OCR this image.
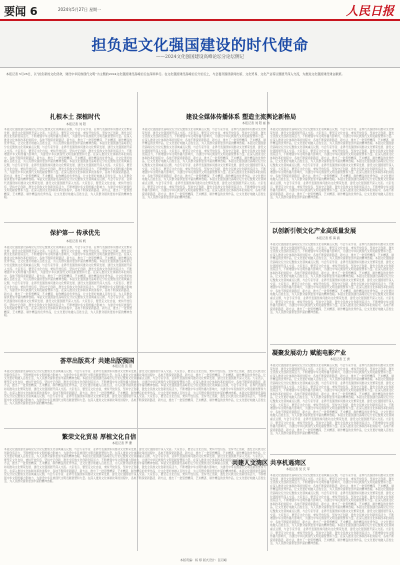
要闻 6	2024年5月27日 星期一	人民日报
担负起文化强国建设的时代使命
——2024文化强国建设高峰论坛分论坛侧记
本报记者 5月26日，以“担负新的文化使命，建设中华民族现代文明”为主题的2024文化强国建设高峰论坛在深圳举行。在文化强国建设高峰论坛分论坛上，与会嘉宾围绕新闻出版、文化贸易、文化产业等议题展开深入交流，为推进文化强国建设建言献策。
扎根本土 深植时代
本报记者 刘 阳
本届文化强国建设高峰论坛分论坛聚焦文化领域重点议题，与会专家学者、业界代表围绕如何推动文化繁荣发展、建设文化强国展开深入交流。大家表示，要坚定文化自信，秉持开放包容，坚持守正创新，激发全民族文化创新创造活力，不断增强中华文明传播力影响力，为建设中华民族现代文明贡献智慧和力量。在深入推进文化体制改革的进程中，各地不断探索新路径、新方法，推出了一批思想精深、艺术精湛、制作精良的优秀作品，让文化更好地融入百姓生活，为人民群众提供更加丰富的精神食粮。本届文化强国建设高峰论坛分论坛聚焦文化领域重点议题，与会专家学者、业界代表围绕如何推动文化繁荣发展、建设文化强国展开深入交流。大家表示，要坚定文化自信，秉持开放包容，坚持守正创新，激发全民族文化创新创造活力，不断增强中华文明传播力影响力，为建设中华民族现代文明贡献智慧和力量。在深入推进文化体制改革的进程中，各地不断探索新路径、新方法，推出了一批思想精深、艺术精湛、制作精良的优秀作品，让文化更好地融入百姓生活，为人民群众提供更加丰富的精神食粮。本届文化强国建设高峰论坛分论坛聚焦文化领域重点议题，与会专家学者、业界代表围绕如何推动文化繁荣发展、建设文化强国展开深入交流。大家表示，要坚定文化自信，秉持开放包容，坚持守正创新，激发全民族文化创新创造活力，不断增强中华文明传播力影响力，为建设中华民族现代文明贡献智慧和力量。在深入推进文化体制改革的进程中，各地不断探索新路径、新方法，推出了一批思想精深、艺术精湛、制作精良的优秀作品，让文化更好地融入百姓生活，为人民群众提供更加丰富的精神食粮。本届文化强国建设高峰论坛分论坛聚焦文化领域重点议题，与会专家学者、业界代表围绕如何推动文化繁荣发展、建设文化强国展开深入交流。大家表示，要坚定文化自信，秉持开放包容，坚持守正创新，激发全民族文化创新创造活力，不断增强中华文明传播力影响力，为建设中华民族现代文明贡献智慧和力量。在深入推进文化体制改革的进程中，各地不断探索新路径、新方法，推出了一批思想精深、艺术精湛、制作精良的优秀作品，让文化更好地融入百姓生活，为人民群众提供更加丰富的精神食粮。
保护第一 传承优先
本报记者 杨 帆
本届文化强国建设高峰论坛分论坛聚焦文化领域重点议题，与会专家学者、业界代表围绕如何推动文化繁荣发展、建设文化强国展开深入交流。大家表示，要坚定文化自信，秉持开放包容，坚持守正创新，激发全民族文化创新创造活力，不断增强中华文明传播力影响力，为建设中华民族现代文明贡献智慧和力量。在深入推进文化体制改革的进程中，各地不断探索新路径、新方法，推出了一批思想精深、艺术精湛、制作精良的优秀作品，让文化更好地融入百姓生活，为人民群众提供更加丰富的精神食粮。本届文化强国建设高峰论坛分论坛聚焦文化领域重点议题，与会专家学者、业界代表围绕如何推动文化繁荣发展、建设文化强国展开深入交流。大家表示，要坚定文化自信，秉持开放包容，坚持守正创新，激发全民族文化创新创造活力，不断增强中华文明传播力影响力，为建设中华民族现代文明贡献智慧和力量。在深入推进文化体制改革的进程中，各地不断探索新路径、新方法，推出了一批思想精深、艺术精湛、制作精良的优秀作品，让文化更好地融入百姓生活，为人民群众提供更加丰富的精神食粮。本届文化强国建设高峰论坛分论坛聚焦文化领域重点议题，与会专家学者、业界代表围绕如何推动文化繁荣发展、建设文化强国展开深入交流。大家表示，要坚定文化自信，秉持开放包容，坚持守正创新，激发全民族文化创新创造活力，不断增强中华文明传播力影响力，为建设中华民族现代文明贡献智慧和力量。在深入推进文化体制改革的进程中，各地不断探索新路径、新方法，推出了一批思想精深、艺术精湛、制作精良的优秀作品，让文化更好地融入百姓生活，为人民群众提供更加丰富的精神食粮。本届文化强国建设高峰论坛分论坛聚焦文化领域重点议题，与会专家学者、业界代表围绕如何推动文化繁荣发展、建设文化强国展开深入交流。大家表示，要坚定文化自信，秉持开放包容，坚持守正创新，激发全民族文化创新创造活力，不断增强中华文明传播力影响力，为建设中华民族现代文明贡献智慧和力量。在深入推进文化体制改革的进程中，各地不断探索新路径、新方法，推出了一批思想精深、艺术精湛、制作精良的优秀作品，让文化更好地融入百姓生活，为人民群众提供更加丰富的精神食粮。
荟萃出版英才 共建出版强国
本报记者 张 贺
本届文化强国建设高峰论坛分论坛聚焦文化领域重点议题，与会专家学者、业界代表围绕如何推动文化繁荣发展、建设文化强国展开深入交流。大家表示，要坚定文化自信，秉持开放包容，坚持守正创新，激发全民族文化创新创造活力，不断增强中华文明传播力影响力，为建设中华民族现代文明贡献智慧和力量。在深入推进文化体制改革的进程中，各地不断探索新路径、新方法，推出了一批思想精深、艺术精湛、制作精良的优秀作品，让文化更好地融入百姓生活，为人民群众提供更加丰富的精神食粮。本届文化强国建设高峰论坛分论坛聚焦文化领域重点议题，与会专家学者、业界代表围绕如何推动文化繁荣发展、建设文化强国展开深入交流。大家表示，要坚定文化自信，秉持开放包容，坚持守正创新，激发全民族文化创新创造活力，不断增强中华文明传播力影响力，为建设中华民族现代文明贡献智慧和力量。在深入推进文化体制改革的进程中，各地不断探索新路径、新方法，推出了一批思想精深、艺术精湛、制作精良的优秀作品，让文化更好地融入百姓生活，为人民群众提供更加丰富的精神食粮。本届文化强国建设高峰论坛分论坛聚焦文化领域重点议题，与会专家学者、业界代表围绕如何推动文化繁荣发展、建设文化强国展开深入交流。大家表示，要坚定文化自信，秉持开放包容，坚持守正创新，激发全民族文化创新创造活力，不断增强中华文明传播力影响力，为建设中华民族现代文明贡献智慧和力量。在深入推进文化体制改革的进程中，各地不断探索新路径、新方法，推出了一批思想精深、艺术精湛、制作精良的优秀作品，让文化更好地融入百姓生活，为人民群众提供更加丰富的精神食粮。本届文化强国建设高峰论坛分论坛聚焦文化领域重点议题，与会专家学者、业界代表围绕如何推动文化繁荣发展、建设文化强国展开深入交流。大家表示，要坚定文化自信，秉持开放包容，坚持守正创新，激发全民族文化创新创造活力，不断增强中华文明传播力影响力，为建设中华民族现代文明贡献智慧和力量。在深入推进文化体制改革的进程中，各地不断探索新路径、新方法，推出了一批思想精深、艺术精湛、制作精良的优秀作品，让文化更好地融入百姓生活，为人民群众提供更加丰富的精神食粮。
繁荣文化贸易 厚植文化自信
本报记者 罗 珊
本届文化强国建设高峰论坛分论坛聚焦文化领域重点议题，与会专家学者、业界代表围绕如何推动文化繁荣发展、建设文化强国展开深入交流。大家表示，要坚定文化自信，秉持开放包容，坚持守正创新，激发全民族文化创新创造活力，不断增强中华文明传播力影响力，为建设中华民族现代文明贡献智慧和力量。在深入推进文化体制改革的进程中，各地不断探索新路径、新方法，推出了一批思想精深、艺术精湛、制作精良的优秀作品，让文化更好地融入百姓生活，为人民群众提供更加丰富的精神食粮。本届文化强国建设高峰论坛分论坛聚焦文化领域重点议题，与会专家学者、业界代表围绕如何推动文化繁荣发展、建设文化强国展开深入交流。大家表示，要坚定文化自信，秉持开放包容，坚持守正创新，激发全民族文化创新创造活力，不断增强中华文明传播力影响力，为建设中华民族现代文明贡献智慧和力量。在深入推进文化体制改革的进程中，各地不断探索新路径、新方法，推出了一批思想精深、艺术精湛、制作精良的优秀作品，让文化更好地融入百姓生活，为人民群众提供更加丰富的精神食粮。本届文化强国建设高峰论坛分论坛聚焦文化领域重点议题，与会专家学者、业界代表围绕如何推动文化繁荣发展、建设文化强国展开深入交流。大家表示，要坚定文化自信，秉持开放包容，坚持守正创新，激发全民族文化创新创造活力，不断增强中华文明传播力影响力，为建设中华民族现代文明贡献智慧和力量。在深入推进文化体制改革的进程中，各地不断探索新路径、新方法，推出了一批思想精深、艺术精湛、制作精良的优秀作品，让文化更好地融入百姓生活，为人民群众提供更加丰富的精神食粮。本届文化强国建设高峰论坛分论坛聚焦文化领域重点议题，与会专家学者、业界代表围绕如何推动文化繁荣发展、建设文化强国展开深入交流。大家表示，要坚定文化自信，秉持开放包容，坚持守正创新，激发全民族文化创新创造活力，不断增强中华文明传播力影响力，为建设中华民族现代文明贡献智慧和力量。在深入推进文化体制改革的进程中，各地不断探索新路径、新方法，推出了一批思想精深、艺术精湛、制作精良的优秀作品，让文化更好地融入百姓生活，为人民群众提供更加丰富的精神食粮。
本届文化强国建设高峰论坛分论坛聚焦文化领域重点议题，与会专家学者、业界代表围绕如何推动文化繁荣发展、建设文化强国展开深入交流。大家表示，要坚定文化自信，秉持开放包容，坚持守正创新，激发全民族文化创新创造活力，不断增强中华文明传播力影响力，为建设中华民族现代文明贡献智慧和力量。在深入推进文化体制改革的进程中，各地不断探索新路径、新方法，推出了一批思想精深、艺术精湛、制作精良的优秀作品，让文化更好地融入百姓生活，为人民群众提供更加丰富的精神食粮。本届文化强国建设高峰论坛分论坛聚焦文化领域重点议题，与会专家学者、业界代表围绕如何推动文化繁荣发展、建设文化强国展开深入交流。大家表示，要坚定文化自信，秉持开放包容，坚持守正创新，激发全民族文化创新创造活力，不断增强中华文明传播力影响力，为建设中华民族现代文明贡献智慧和力量。在深入推进文化体制改革的进程中，各地不断探索新路径、新方法，推出了一批思想精深、艺术精湛、制作精良的优秀作品，让文化更好地融入百姓生活，为人民群众提供更加丰富的精神食粮。本届文化强国建设高峰论坛分论坛聚焦文化领域重点议题，与会专家学者、业界代表围绕如何推动文化繁荣发展、建设文化强国展开深入交流。大家表示，要坚定文化自信，秉持开放包容，坚持守正创新，激发全民族文化创新创造活力，不断增强中华文明传播力影响力，为建设中华民族现代文明贡献智慧和力量。在深入推进文化体制改革的进程中，各地不断探索新路径、新方法，推出了一批思想精深、艺术精湛、制作精良的优秀作品，让文化更好地融入百姓生活，为人民群众提供更加丰富的精神食粮。本届文化强国建设高峰论坛分论坛聚焦文化领域重点议题，与会专家学者、业界代表围绕如何推动文化繁荣发展、建设文化强国展开深入交流。大家表示，要坚定文化自信，秉持开放包容，坚持守正创新，激发全民族文化创新创造活力，不断增强中华文明传播力影响力，为建设中华民族现代文明贡献智慧和力量。在深入推进文化体制改革的进程中，各地不断探索新路径、新方法，推出了一批思想精深、艺术精湛、制作精良的优秀作品，让文化更好地融入百姓生活，为人民群众提供更加丰富的精神食粮。
建设全媒体传播体系 塑造主流舆论新格局
本报记者 刘 阳 崔 伟
本届文化强国建设高峰论坛分论坛聚焦文化领域重点议题，与会专家学者、业界代表围绕如何推动文化繁荣发展、建设文化强国展开深入交流。大家表示，要坚定文化自信，秉持开放包容，坚持守正创新，激发全民族文化创新创造活力，不断增强中华文明传播力影响力，为建设中华民族现代文明贡献智慧和力量。在深入推进文化体制改革的进程中，各地不断探索新路径、新方法，推出了一批思想精深、艺术精湛、制作精良的优秀作品，让文化更好地融入百姓生活，为人民群众提供更加丰富的精神食粮。本届文化强国建设高峰论坛分论坛聚焦文化领域重点议题，与会专家学者、业界代表围绕如何推动文化繁荣发展、建设文化强国展开深入交流。大家表示，要坚定文化自信，秉持开放包容，坚持守正创新，激发全民族文化创新创造活力，不断增强中华文明传播力影响力，为建设中华民族现代文明贡献智慧和力量。在深入推进文化体制改革的进程中，各地不断探索新路径、新方法，推出了一批思想精深、艺术精湛、制作精良的优秀作品，让文化更好地融入百姓生活，为人民群众提供更加丰富的精神食粮。本届文化强国建设高峰论坛分论坛聚焦文化领域重点议题，与会专家学者、业界代表围绕如何推动文化繁荣发展、建设文化强国展开深入交流。大家表示，要坚定文化自信，秉持开放包容，坚持守正创新，激发全民族文化创新创造活力，不断增强中华文明传播力影响力，为建设中华民族现代文明贡献智慧和力量。在深入推进文化体制改革的进程中，各地不断探索新路径、新方法，推出了一批思想精深、艺术精湛、制作精良的优秀作品，让文化更好地融入百姓生活，为人民群众提供更加丰富的精神食粮。本届文化强国建设高峰论坛分论坛聚焦文化领域重点议题，与会专家学者、业界代表围绕如何推动文化繁荣发展、建设文化强国展开深入交流。大家表示，要坚定文化自信，秉持开放包容，坚持守正创新，激发全民族文化创新创造活力，不断增强中华文明传播力影响力，为建设中华民族现代文明贡献智慧和力量。在深入推进文化体制改革的进程中，各地不断探索新路径、新方法，推出了一批思想精深、艺术精湛、制作精良的优秀作品，让文化更好地融入百姓生活，为人民群众提供更加丰富的精神食粮。
以创新引领文化产业高质量发展
本报记者 郑 海 鸥
本届文化强国建设高峰论坛分论坛聚焦文化领域重点议题，与会专家学者、业界代表围绕如何推动文化繁荣发展、建设文化强国展开深入交流。大家表示，要坚定文化自信，秉持开放包容，坚持守正创新，激发全民族文化创新创造活力，不断增强中华文明传播力影响力，为建设中华民族现代文明贡献智慧和力量。在深入推进文化体制改革的进程中，各地不断探索新路径、新方法，推出了一批思想精深、艺术精湛、制作精良的优秀作品，让文化更好地融入百姓生活，为人民群众提供更加丰富的精神食粮。本届文化强国建设高峰论坛分论坛聚焦文化领域重点议题，与会专家学者、业界代表围绕如何推动文化繁荣发展、建设文化强国展开深入交流。大家表示，要坚定文化自信，秉持开放包容，坚持守正创新，激发全民族文化创新创造活力，不断增强中华文明传播力影响力，为建设中华民族现代文明贡献智慧和力量。在深入推进文化体制改革的进程中，各地不断探索新路径、新方法，推出了一批思想精深、艺术精湛、制作精良的优秀作品，让文化更好地融入百姓生活，为人民群众提供更加丰富的精神食粮。本届文化强国建设高峰论坛分论坛聚焦文化领域重点议题，与会专家学者、业界代表围绕如何推动文化繁荣发展、建设文化强国展开深入交流。大家表示，要坚定文化自信，秉持开放包容，坚持守正创新，激发全民族文化创新创造活力，不断增强中华文明传播力影响力，为建设中华民族现代文明贡献智慧和力量。在深入推进文化体制改革的进程中，各地不断探索新路径、新方法，推出了一批思想精深、艺术精湛、制作精良的优秀作品，让文化更好地融入百姓生活，为人民群众提供更加丰富的精神食粮。本届文化强国建设高峰论坛分论坛聚焦文化领域重点议题，与会专家学者、业界代表围绕如何推动文化繁荣发展、建设文化强国展开深入交流。大家表示，要坚定文化自信，秉持开放包容，坚持守正创新，激发全民族文化创新创造活力，不断增强中华文明传播力影响力，为建设中华民族现代文明贡献智慧和力量。在深入推进文化体制改革的进程中，各地不断探索新路径、新方法，推出了一批思想精深、艺术精湛、制作精良的优秀作品，让文化更好地融入百姓生活，为人民群众提供更加丰富的精神食粮。
凝聚发展动力 赋能电影产业
本报记者 王 洲
本届文化强国建设高峰论坛分论坛聚焦文化领域重点议题，与会专家学者、业界代表围绕如何推动文化繁荣发展、建设文化强国展开深入交流。大家表示，要坚定文化自信，秉持开放包容，坚持守正创新，激发全民族文化创新创造活力，不断增强中华文明传播力影响力，为建设中华民族现代文明贡献智慧和力量。在深入推进文化体制改革的进程中，各地不断探索新路径、新方法，推出了一批思想精深、艺术精湛、制作精良的优秀作品，让文化更好地融入百姓生活，为人民群众提供更加丰富的精神食粮。本届文化强国建设高峰论坛分论坛聚焦文化领域重点议题，与会专家学者、业界代表围绕如何推动文化繁荣发展、建设文化强国展开深入交流。大家表示，要坚定文化自信，秉持开放包容，坚持守正创新，激发全民族文化创新创造活力，不断增强中华文明传播力影响力，为建设中华民族现代文明贡献智慧和力量。在深入推进文化体制改革的进程中，各地不断探索新路径、新方法，推出了一批思想精深、艺术精湛、制作精良的优秀作品，让文化更好地融入百姓生活，为人民群众提供更加丰富的精神食粮。本届文化强国建设高峰论坛分论坛聚焦文化领域重点议题，与会专家学者、业界代表围绕如何推动文化繁荣发展、建设文化强国展开深入交流。大家表示，要坚定文化自信，秉持开放包容，坚持守正创新，激发全民族文化创新创造活力，不断增强中华文明传播力影响力，为建设中华民族现代文明贡献智慧和力量。在深入推进文化体制改革的进程中，各地不断探索新路径、新方法，推出了一批思想精深、艺术精湛、制作精良的优秀作品，让文化更好地融入百姓生活，为人民群众提供更加丰富的精神食粮。本届文化强国建设高峰论坛分论坛聚焦文化领域重点议题，与会专家学者、业界代表围绕如何推动文化繁荣发展、建设文化强国展开深入交流。大家表示，要坚定文化自信，秉持开放包容，坚持守正创新，激发全民族文化创新创造活力，不断增强中华文明传播力影响力，为建设中华民族现代文明贡献智慧和力量。在深入推进文化体制改革的进程中，各地不断探索新路径、新方法，推出了一批思想精深、艺术精湛、制作精良的优秀作品，让文化更好地融入百姓生活，为人民群众提供更加丰富的精神食粮。
共建人文湾区 共享机遇湾区
本报记者 吴 庆 军
本届文化强国建设高峰论坛分论坛聚焦文化领域重点议题，与会专家学者、业界代表围绕如何推动文化繁荣发展、建设文化强国展开深入交流。大家表示，要坚定文化自信，秉持开放包容，坚持守正创新，激发全民族文化创新创造活力，不断增强中华文明传播力影响力，为建设中华民族现代文明贡献智慧和力量。在深入推进文化体制改革的进程中，各地不断探索新路径、新方法，推出了一批思想精深、艺术精湛、制作精良的优秀作品，让文化更好地融入百姓生活，为人民群众提供更加丰富的精神食粮。本届文化强国建设高峰论坛分论坛聚焦文化领域重点议题，与会专家学者、业界代表围绕如何推动文化繁荣发展、建设文化强国展开深入交流。大家表示，要坚定文化自信，秉持开放包容，坚持守正创新，激发全民族文化创新创造活力，不断增强中华文明传播力影响力，为建设中华民族现代文明贡献智慧和力量。在深入推进文化体制改革的进程中，各地不断探索新路径、新方法，推出了一批思想精深、艺术精湛、制作精良的优秀作品，让文化更好地融入百姓生活，为人民群众提供更加丰富的精神食粮。本届文化强国建设高峰论坛分论坛聚焦文化领域重点议题，与会专家学者、业界代表围绕如何推动文化繁荣发展、建设文化强国展开深入交流。大家表示，要坚定文化自信，秉持开放包容，坚持守正创新，激发全民族文化创新创造活力，不断增强中华文明传播力影响力，为建设中华民族现代文明贡献智慧和力量。在深入推进文化体制改革的进程中，各地不断探索新路径、新方法，推出了一批思想精深、艺术精湛、制作精良的优秀作品，让文化更好地融入百姓生活，为人民群众提供更加丰富的精神食粮。本届文化强国建设高峰论坛分论坛聚焦文化领域重点议题，与会专家学者、业界代表围绕如何推动文化繁荣发展、建设文化强国展开深入交流。大家表示，要坚定文化自信，秉持开放包容，坚持守正创新，激发全民族文化创新创造活力，不断增强中华文明传播力影响力，为建设中华民族现代文明贡献智慧和力量。在深入推进文化体制改革的进程中，各地不断探索新路径、新方法，推出了一批思想精深、艺术精湛、制作精良的优秀作品，让文化更好地融入百姓生活，为人民群众提供更加丰富的精神食粮。
本版责编：杨 婷 版式设计：张丹峰
